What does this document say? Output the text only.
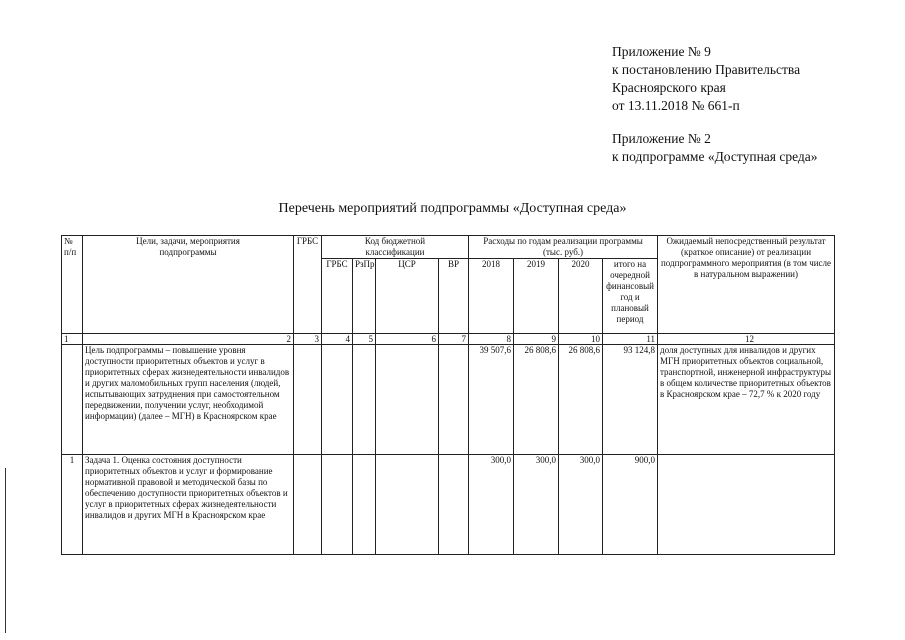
Приложение № 9
к постановлению Правительства
Красноярского края
от 13.11.2018 № 661-п
Приложение № 2
к подпрограмме «Доступная среда»
Перечень мероприятий подпрограммы «Доступная среда»
№ п/п	Цели, задачи, мероприятия подпрограммы	ГРБС	Код бюджетной классификации				Расходы по годам реализации программы (тыс. руб.)				Ожидаемый непосредственный результат (краткое описание) от реализации подпрограммного мероприятия (в том числе в натуральном выражении)
			ГРБС	РзПр	ЦСР	ВР	2018	2019	2020	итого на очередной финансовый год и плановый период	
1	2	3	4	5	6	7	8	9	10	11	12
	Цель подпрограммы – повышение уровня доступности приоритетных объектов и услуг в приоритетных сферах жизнедеятельности инвалидов и других маломобильных групп населения (людей, испытывающих затруднения при самостоятельном передвижении, получении услуг, необходимой информации) (далее – МГН) в Красноярском крае						39 507,6	26 808,6	26 808,6	93 124,8	доля доступных для инвалидов и других МГН приоритетных объектов социальной, транспортной, инженерной инфраструктуры в общем количестве приоритетных объектов в Красноярском крае – 72,7 % к 2020 году
1	Задача 1. Оценка состояния доступности приоритетных объектов и услуг и формирование нормативной правовой и методической базы по обеспечению доступности приоритетных объектов и услуг в приоритетных сферах жизнедеятельности инвалидов и других МГН в Красноярском крае						300,0	300,0	300,0	900,0	
